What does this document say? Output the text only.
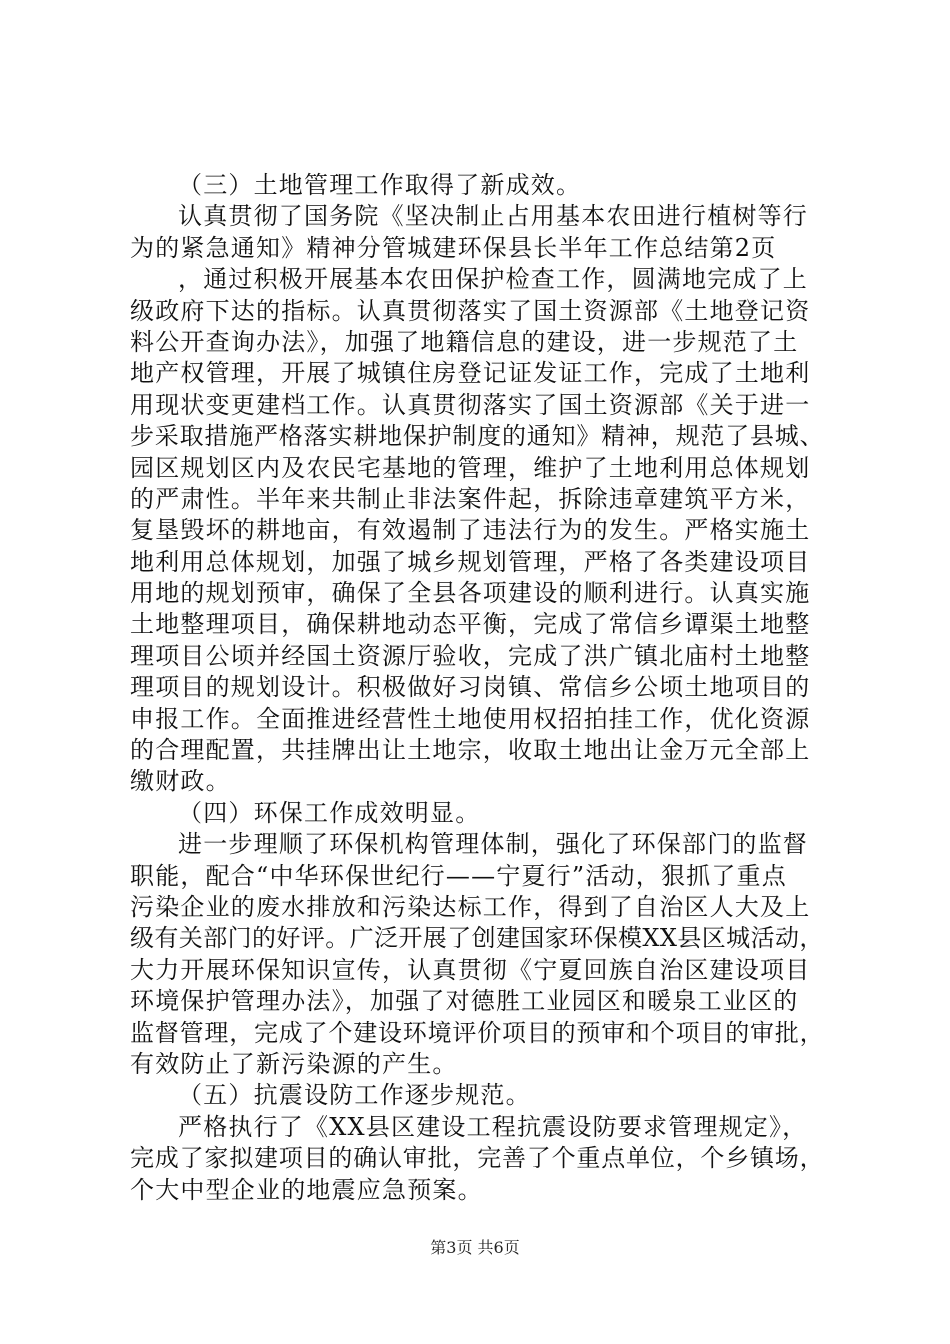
（三）土地管理工作取得了新成效。
认真贯彻了国务院《坚决制止占用基本农田进行植树等行
为的紧急通知》精神分管城建环保县长半年工作总结第2页
，通过积极开展基本农田保护检查工作，圆满地完成了上
级政府下达的指标。认真贯彻落实了国土资源部《土地登记资
料公开查询办法》，加强了地籍信息的建设，进一步规范了土
地产权管理，开展了城镇住房登记证发证工作，完成了土地利
用现状变更建档工作。认真贯彻落实了国土资源部《关于进一
步采取措施严格落实耕地保护制度的通知》精神，规范了县城、
园区规划区内及农民宅基地的管理，维护了土地利用总体规划
的严肃性。半年来共制止非法案件起，拆除违章建筑平方米，
复垦毁坏的耕地亩，有效遏制了违法行为的发生。严格实施土
地利用总体规划，加强了城乡规划管理，严格了各类建设项目
用地的规划预审，确保了全县各项建设的顺利进行。认真实施
土地整理项目，确保耕地动态平衡，完成了常信乡谭渠土地整
理项目公顷并经国土资源厅验收，完成了洪广镇北庙村土地整
理项目的规划设计。积极做好习岗镇、常信乡公顷土地项目的
申报工作。全面推进经营性土地使用权招拍挂工作，优化资源
的合理配置，共挂牌出让土地宗，收取土地出让金万元全部上
缴财政。
（四）环保工作成效明显。
进一步理顺了环保机构管理体制，强化了环保部门的监督
职能，配合“中华环保世纪行——宁夏行”活动，狠抓了重点
污染企业的废水排放和污染达标工作，得到了自治区人大及上
级有关部门的好评。广泛开展了创建国家环保模XX县区城活动，
大力开展环保知识宣传，认真贯彻《宁夏回族自治区建设项目
环境保护管理办法》，加强了对德胜工业园区和暖泉工业区的
监督管理，完成了个建设环境评价项目的预审和个项目的审批，
有效防止了新污染源的产生。
（五）抗震设防工作逐步规范。
严格执行了《XX县区建设工程抗震设防要求管理规定》，
完成了家拟建项目的确认审批，完善了个重点单位，个乡镇场，
个大中型企业的地震应急预案。
第3页 共6页
